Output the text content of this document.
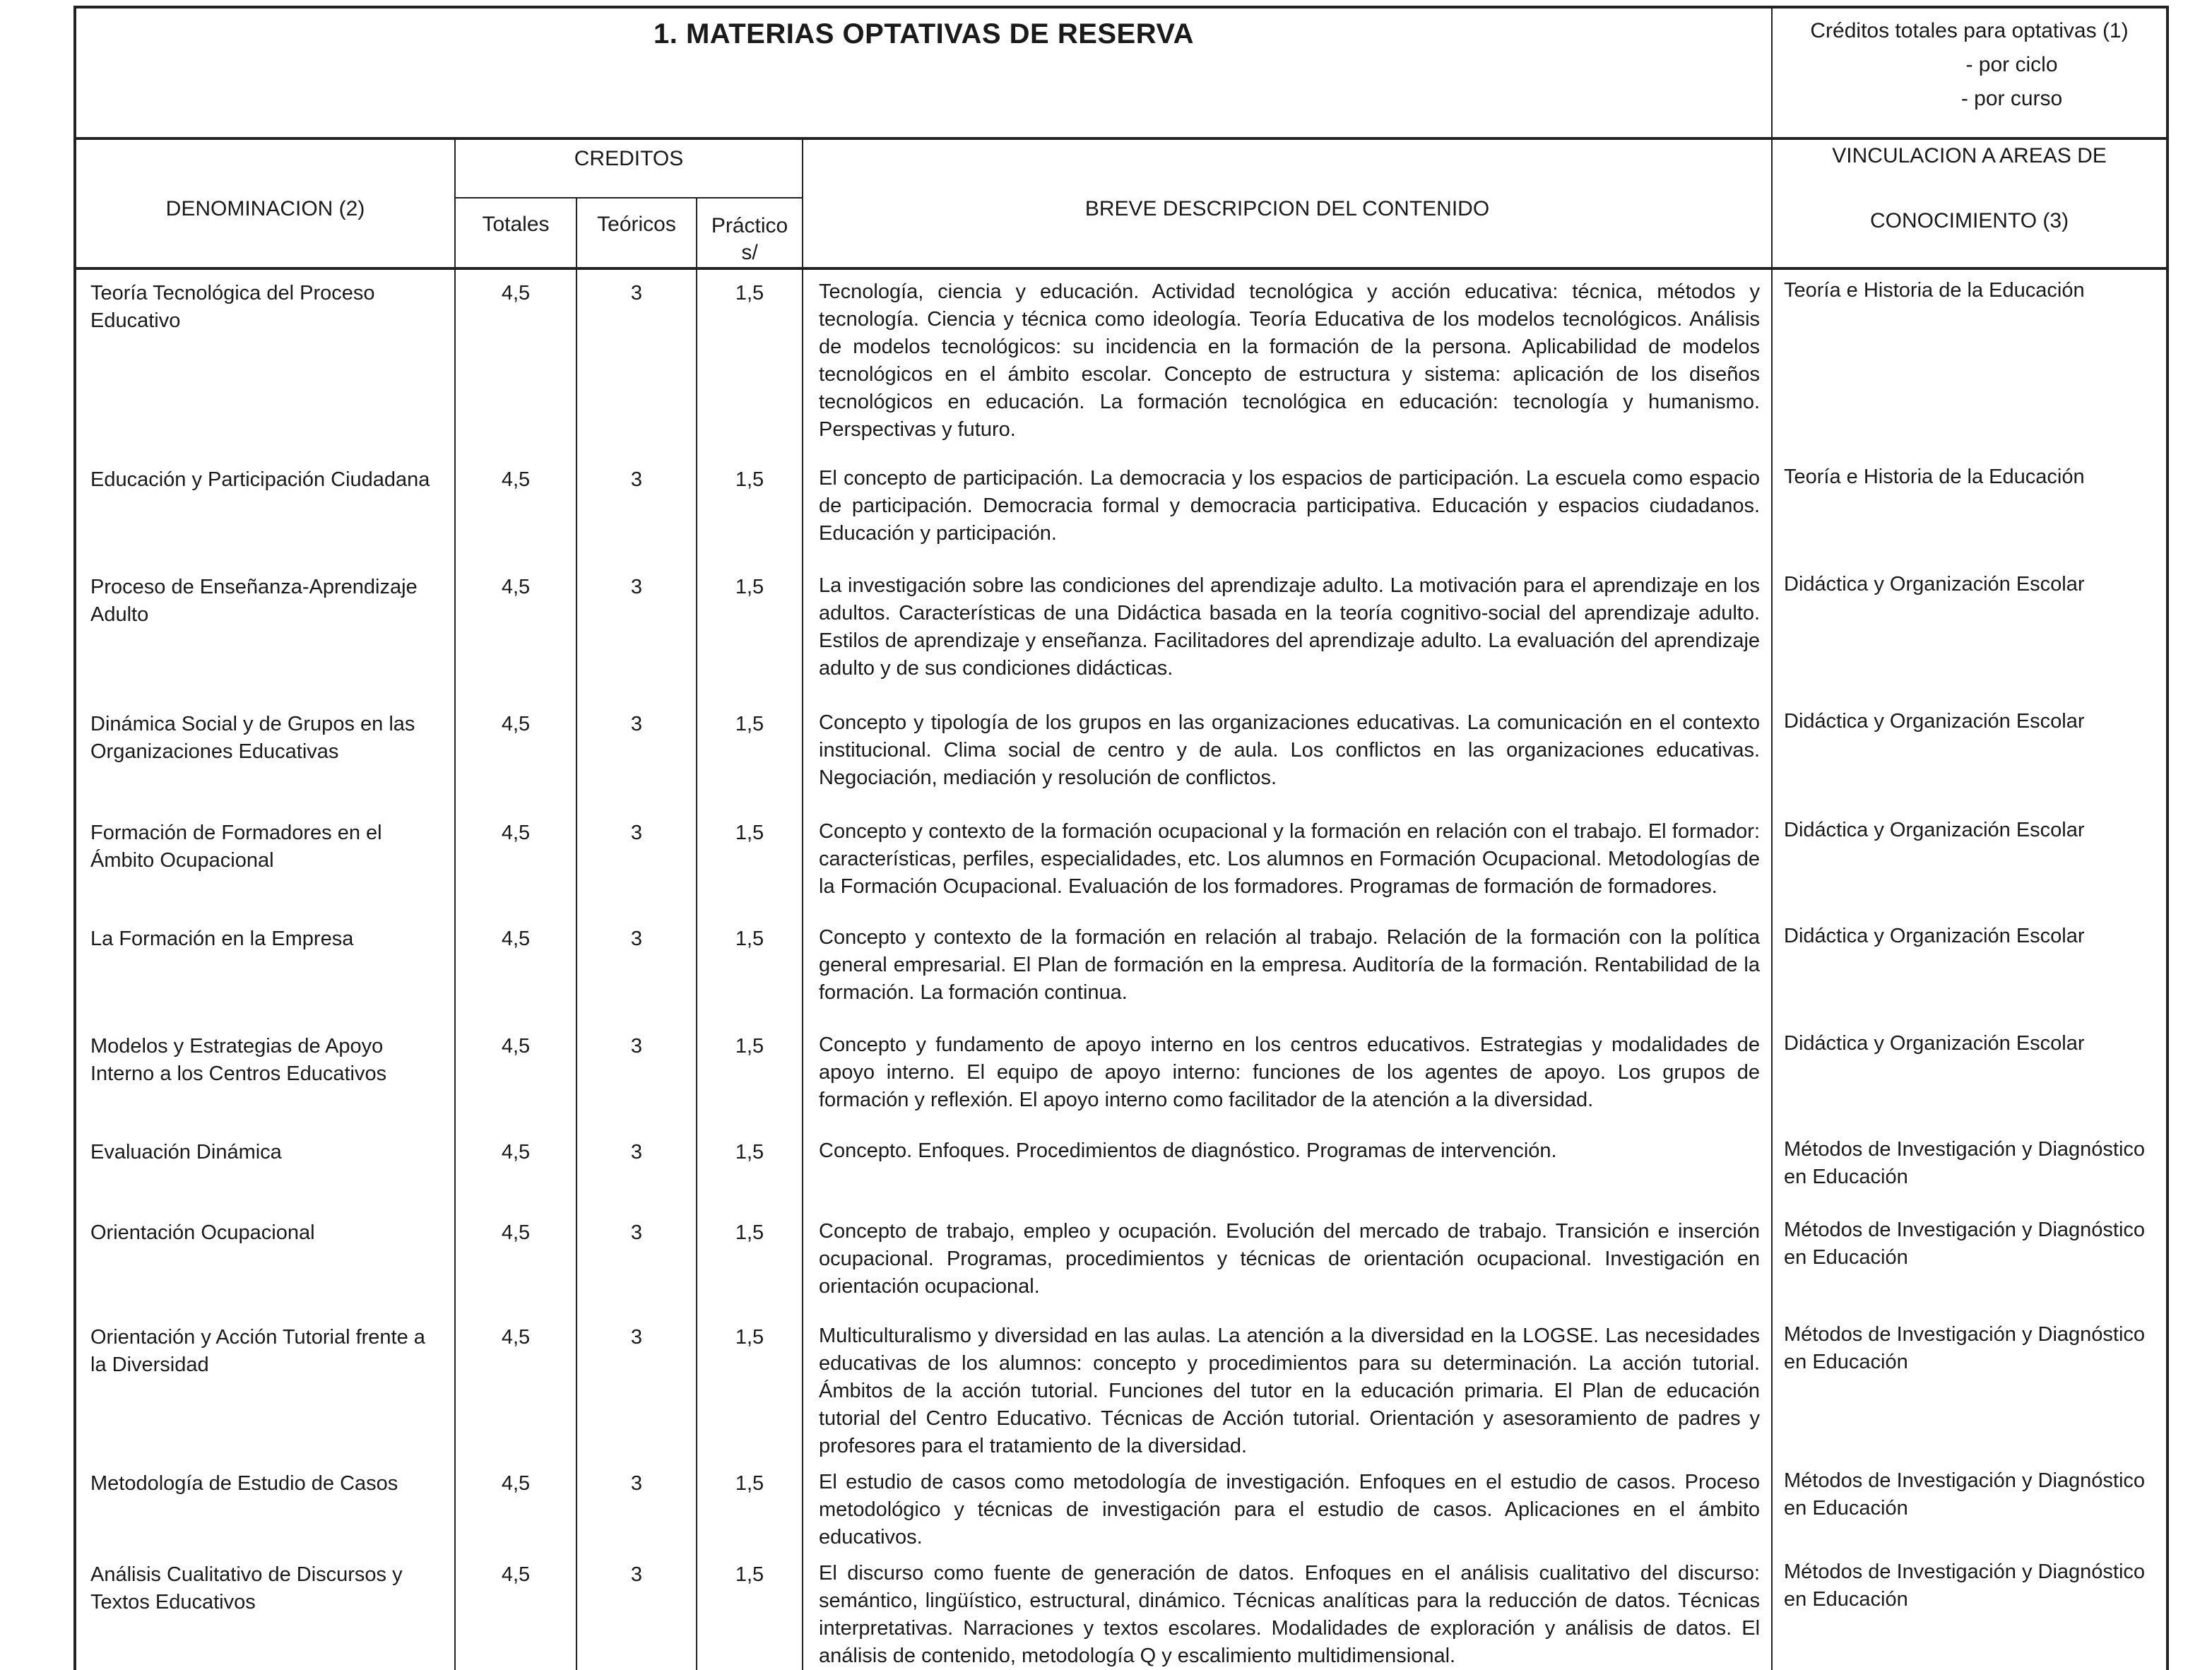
1. MATERIAS OPTATIVAS DE RESERVA					Créditos totales para optativas (1)
- por ciclo
- por curso

DENOMINACION (2)	CREDITOS			BREVE DESCRIPCION DEL CONTENIDO	VINCULACION A AREAS DE
CONOCIMIENTO (3)

	Totales	Teóricos	Práctico s/		
Teoría Tecnológica del Proceso Educativo	4,5	3	1,5	Tecnología, ciencia y educación. Actividad tecnológica y acción educativa: técnica, métodos y tecnología. Ciencia y técnica como ideología. Teoría Educativa de los modelos tecnológicos. Análisis de modelos tecnológicos: su incidencia en la formación de la persona. Aplicabilidad de modelos tecnológicos en el ámbito escolar. Concepto de estructura y sistema: aplicación de los diseños tecnológicos en educación. La formación tecnológica en educación: tecnología y humanismo. Perspectivas y futuro.	Teoría e Historia de la Educación
Educación y Participación Ciudadana	4,5	3	1,5	El concepto de participación. La democracia y los espacios de participación. La escuela como espacio de participación. Democracia formal y democracia participativa. Educación y espacios ciudadanos. Educación y participación.	Teoría e Historia de la Educación
Proceso de Enseñanza-Aprendizaje Adulto	4,5	3	1,5	La investigación sobre las condiciones del aprendizaje adulto. La motivación para el aprendizaje en los adultos. Características de una Didáctica basada en la teoría cognitivo-social del aprendizaje adulto. Estilos de aprendizaje y enseñanza. Facilitadores del aprendizaje adulto. La evaluación del aprendizaje adulto y de sus condiciones didácticas.	Didáctica y Organización Escolar
Dinámica Social y de Grupos en las Organizaciones Educativas	4,5	3	1,5	Concepto y tipología de los grupos en las organizaciones educativas. La comunicación en el contexto institucional. Clima social de centro y de aula. Los conflictos en las organizaciones educativas. Negociación, mediación y resolución de conflictos.	Didáctica y Organización Escolar
Formación de Formadores en el Ámbito Ocupacional	4,5	3	1,5	Concepto y contexto de la formación ocupacional y la formación en relación con el trabajo. El formador: características, perfiles, especialidades, etc. Los alumnos en Formación Ocupacional. Metodologías de la Formación Ocupacional. Evaluación de los formadores. Programas de formación de formadores.	Didáctica y Organización Escolar
La Formación en la Empresa	4,5	3	1,5	Concepto y contexto de la formación en relación al trabajo. Relación de la formación con la política general empresarial. El Plan de formación en la empresa. Auditoría de la formación. Rentabilidad de la formación. La formación continua.	Didáctica y Organización Escolar
Modelos y Estrategias de Apoyo Interno a los Centros Educativos	4,5	3	1,5	Concepto y fundamento de apoyo interno en los centros educativos. Estrategias y modalidades de apoyo interno. El equipo de apoyo interno: funciones de los agentes de apoyo. Los grupos de formación y reflexión. El apoyo interno como facilitador de la atención a la diversidad.	Didáctica y Organización Escolar
Evaluación Dinámica	4,5	3	1,5	Concepto. Enfoques. Procedimientos de diagnóstico. Programas de intervención.	Métodos de Investigación y Diagnóstico en Educación
Orientación Ocupacional	4,5	3	1,5	Concepto de trabajo, empleo y ocupación. Evolución del mercado de trabajo. Transición e inserción ocupacional. Programas, procedimientos y técnicas de orientación ocupacional. Investigación en orientación ocupacional.	Métodos de Investigación y Diagnóstico en Educación
Orientación y Acción Tutorial frente a la Diversidad	4,5	3	1,5	Multiculturalismo y diversidad en las aulas. La atención a la diversidad en la LOGSE. Las necesidades educativas de los alumnos: concepto y procedimientos para su determinación. La acción tutorial. Ámbitos de la acción tutorial. Funciones del tutor en la educación primaria. El Plan de educación tutorial del Centro Educativo. Técnicas de Acción tutorial. Orientación y asesoramiento de padres y profesores para el tratamiento de la diversidad.	Métodos de Investigación y Diagnóstico en Educación
Metodología de Estudio de Casos	4,5	3	1,5	El estudio de casos como metodología de investigación. Enfoques en el estudio de casos. Proceso metodológico y técnicas de investigación para el estudio de casos. Aplicaciones en el ámbito educativos.	Métodos de Investigación y Diagnóstico en Educación
Análisis Cualitativo de Discursos y Textos Educativos	4,5	3	1,5	El discurso como fuente de generación de datos. Enfoques en el análisis cualitativo del discurso: semántico, lingüístico, estructural, dinámico. Técnicas analíticas para la reducción de datos. Técnicas interpretativas. Narraciones y textos escolares. Modalidades de exploración y análisis de datos. El análisis de contenido, metodología Q y escalimiento multidimensional.	Métodos de Investigación y Diagnóstico en Educación
